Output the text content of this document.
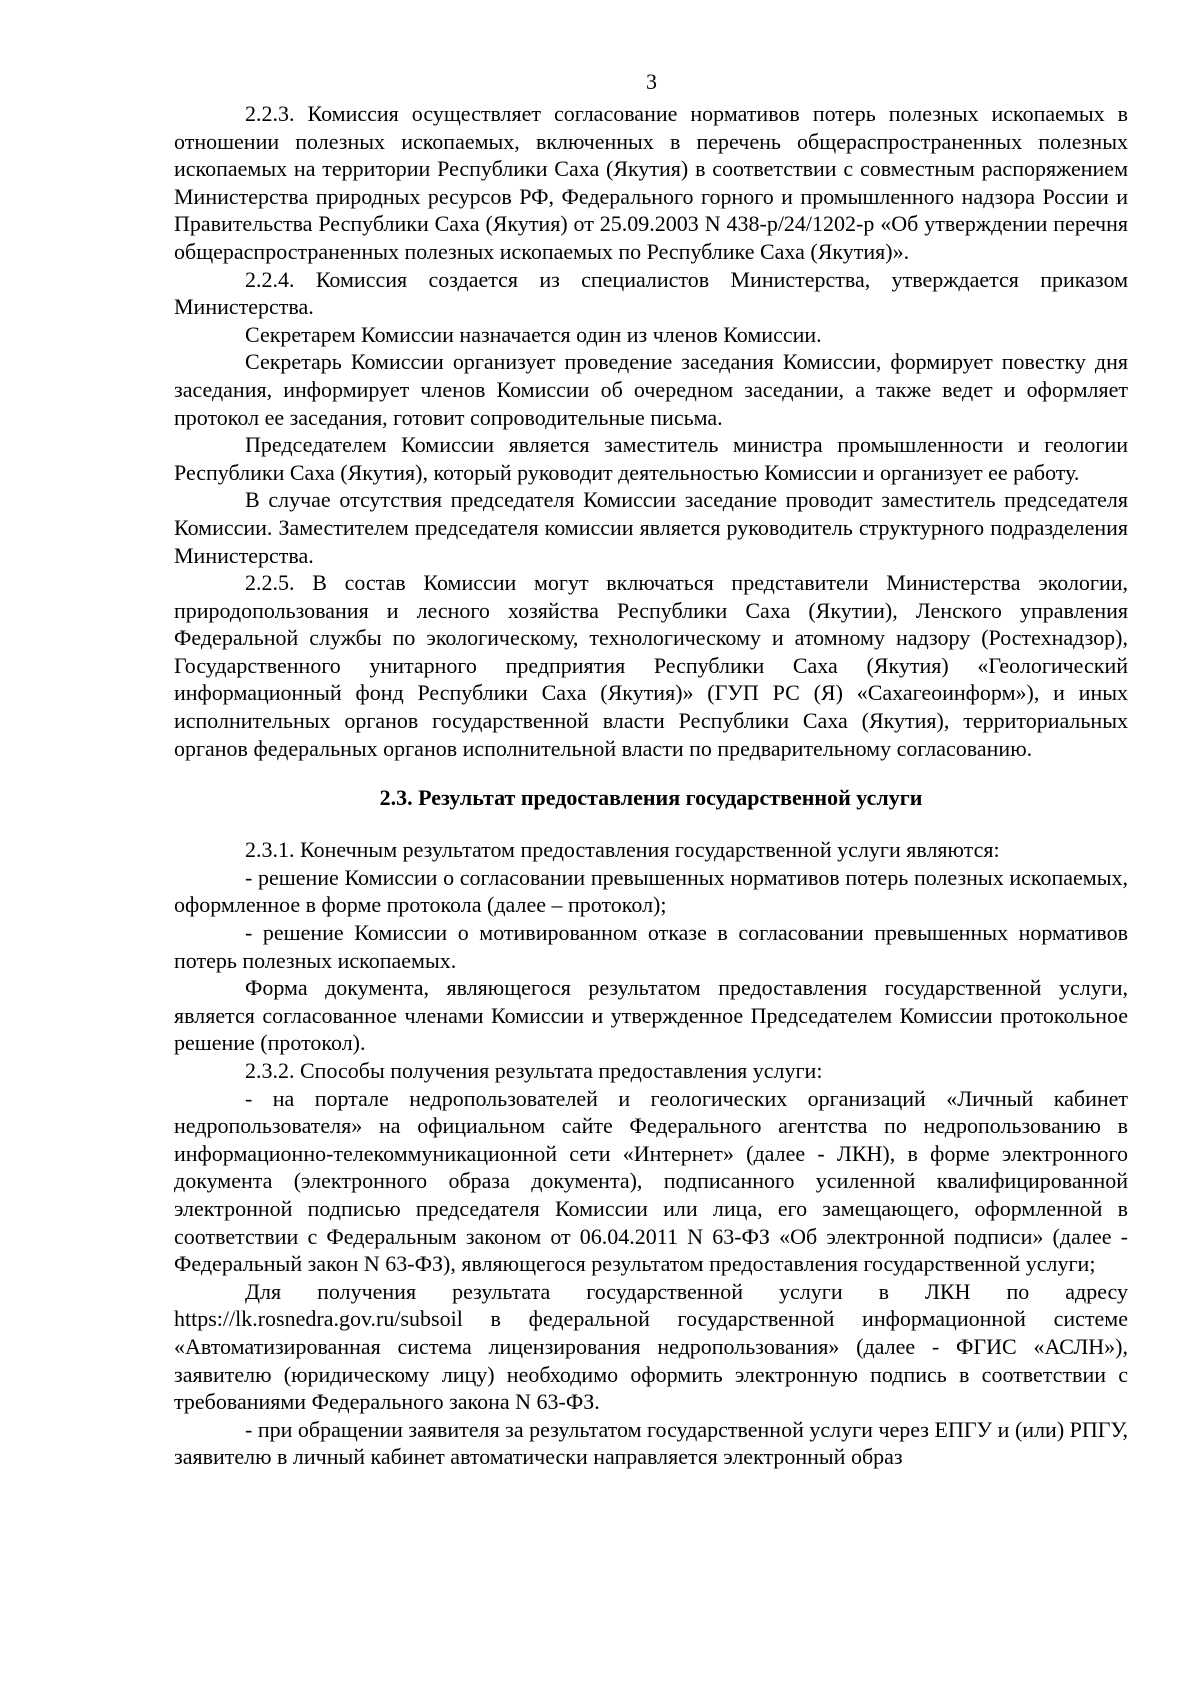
3

2.2.3. Комиссия осуществляет согласование нормативов потерь полезных ископаемых в отношении полезных ископаемых, включенных в перечень общераспространенных полезных ископаемых на территории Республики Саха (Якутия) в соответствии с совместным распоряжением Министерства природных ресурсов РФ, Федерального горного и промышленного надзора России и Правительства Республики Саха (Якутия) от 25.09.2003 N 438-р/24/1202-р «Об утверждении перечня общераспространенных полезных ископаемых по Республике Саха (Якутия)».

2.2.4. Комиссия создается из специалистов Министерства, утверждается приказом Министерства.

Секретарем Комиссии назначается один из членов Комиссии.

Секретарь Комиссии организует проведение заседания Комиссии, формирует повестку дня заседания, информирует членов Комиссии об очередном заседании, а также ведет и оформляет протокол ее заседания, готовит сопроводительные письма.

Председателем Комиссии является заместитель министра промышленности и геологии Республики Саха (Якутия), который руководит деятельностью Комиссии и организует ее работу.

В случае отсутствия председателя Комиссии заседание проводит заместитель председателя Комиссии. Заместителем председателя комиссии является руководитель структурного подразделения Министерства.

2.2.5. В состав Комиссии могут включаться представители Министерства экологии, природопользования и лесного хозяйства Республики Саха (Якутии), Ленского управления Федеральной службы по экологическому, технологическому и атомному надзору (Ростехнадзор), Государственного унитарного предприятия Республики Саха (Якутия) «Геологический информационный фонд Республики Саха (Якутия)» (ГУП РС (Я) «Сахагеоинформ»), и иных исполнительных органов государственной власти Республики Саха (Якутия), территориальных органов федеральных органов исполнительной власти по предварительному согласованию.

2.3. Результат предоставления государственной услуги

2.3.1. Конечным результатом предоставления государственной услуги являются:

- решение Комиссии о согласовании превышенных нормативов потерь полезных ископаемых, оформленное в форме протокола (далее – протокол);

- решение Комиссии о мотивированном отказе в согласовании превышенных нормативов потерь полезных ископаемых.

Форма документа, являющегося результатом предоставления государственной услуги, является согласованное членами Комиссии и утвержденное Председателем Комиссии протокольное решение (протокол).

2.3.2. Способы получения результата предоставления услуги:

- на портале недропользователей и геологических организаций «Личный кабинет недропользователя» на официальном сайте Федерального агентства по недропользованию в информационно-телекоммуникационной сети «Интернет» (далее - ЛКН), в форме электронного документа (электронного образа документа), подписанного усиленной квалифицированной электронной подписью председателя Комиссии или лица, его замещающего, оформленной в соответствии с Федеральным законом от 06.04.2011 N 63-ФЗ «Об электронной подписи» (далее - Федеральный закон N 63-ФЗ), являющегося результатом предоставления государственной услуги;

Для получения результата государственной услуги в ЛКН по адресу https://lk.rosnedra.gov.ru/subsoil в федеральной государственной информационной системе «Автоматизированная система лицензирования недропользования» (далее - ФГИС «АСЛН»), заявителю (юридическому лицу) необходимо оформить электронную подпись в соответствии с требованиями Федерального закона N 63-ФЗ.

- при обращении заявителя за результатом государственной услуги через ЕПГУ и (или) РПГУ, заявителю в личный кабинет автоматически направляется электронный образ
